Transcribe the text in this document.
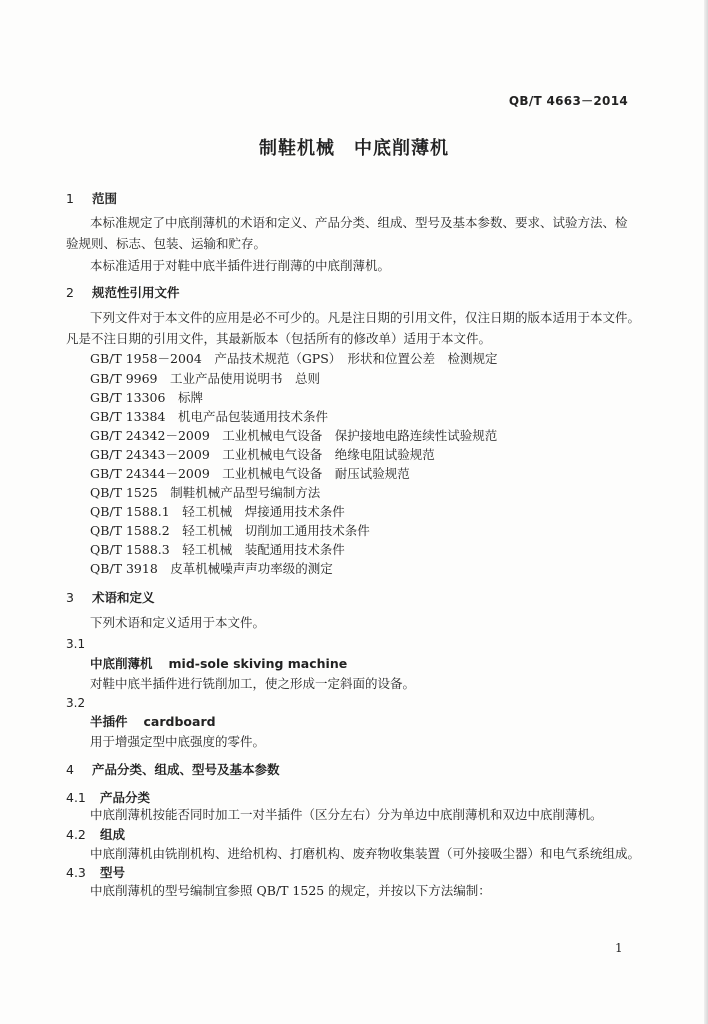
QB/T 4663－2014
制鞋机械　中底削薄机
1 范围
本标准规定了中底削薄机的术语和定义、产品分类、组成、型号及基本参数、要求、试验方法、检
验规则、标志、包装、运输和贮存。
本标准适用于对鞋中底半插件进行削薄的中底削薄机。
2 规范性引用文件
下列文件对于本文件的应用是必不可少的。凡是注日期的引用文件，仅注日期的版本适用于本文件。
凡是不注日期的引用文件，其最新版本（包括所有的修改单）适用于本文件。
GB/T 1958－2004　产品技术规范（GPS）　形状和位置公差　检测规定
GB/T 9969　工业产品使用说明书　总则
GB/T 13306　标牌
GB/T 13384　机电产品包装通用技术条件
GB/T 24342－2009　工业机械电气设备　保护接地电路连续性试验规范
GB/T 24343－2009　工业机械电气设备　绝缘电阻试验规范
GB/T 24344－2009　工业机械电气设备　耐压试验规范
QB/T 1525　制鞋机械产品型号编制方法
QB/T 1588.1　轻工机械　焊接通用技术条件
QB/T 1588.2　轻工机械　切削加工通用技术条件
QB/T 1588.3　轻工机械　装配通用技术条件
QB/T 3918　皮革机械噪声声功率级的测定
3 术语和定义
下列术语和定义适用于本文件。
3.1
中底削薄机 mid-sole skiving machine
对鞋中底半插件进行铣削加工，使之形成一定斜面的设备。
3.2
半插件 cardboard
用于增强定型中底强度的零件。
4 产品分类、组成、型号及基本参数
4.1 产品分类
中底削薄机按能否同时加工一对半插件（区分左右）分为单边中底削薄机和双边中底削薄机。
4.2 组成
中底削薄机由铣削机构、进给机构、打磨机构、废弃物收集装置（可外接吸尘器）和电气系统组成。
4.3 型号
中底削薄机的型号编制宜参照 QB/T 1525 的规定，并按以下方法编制：
1
